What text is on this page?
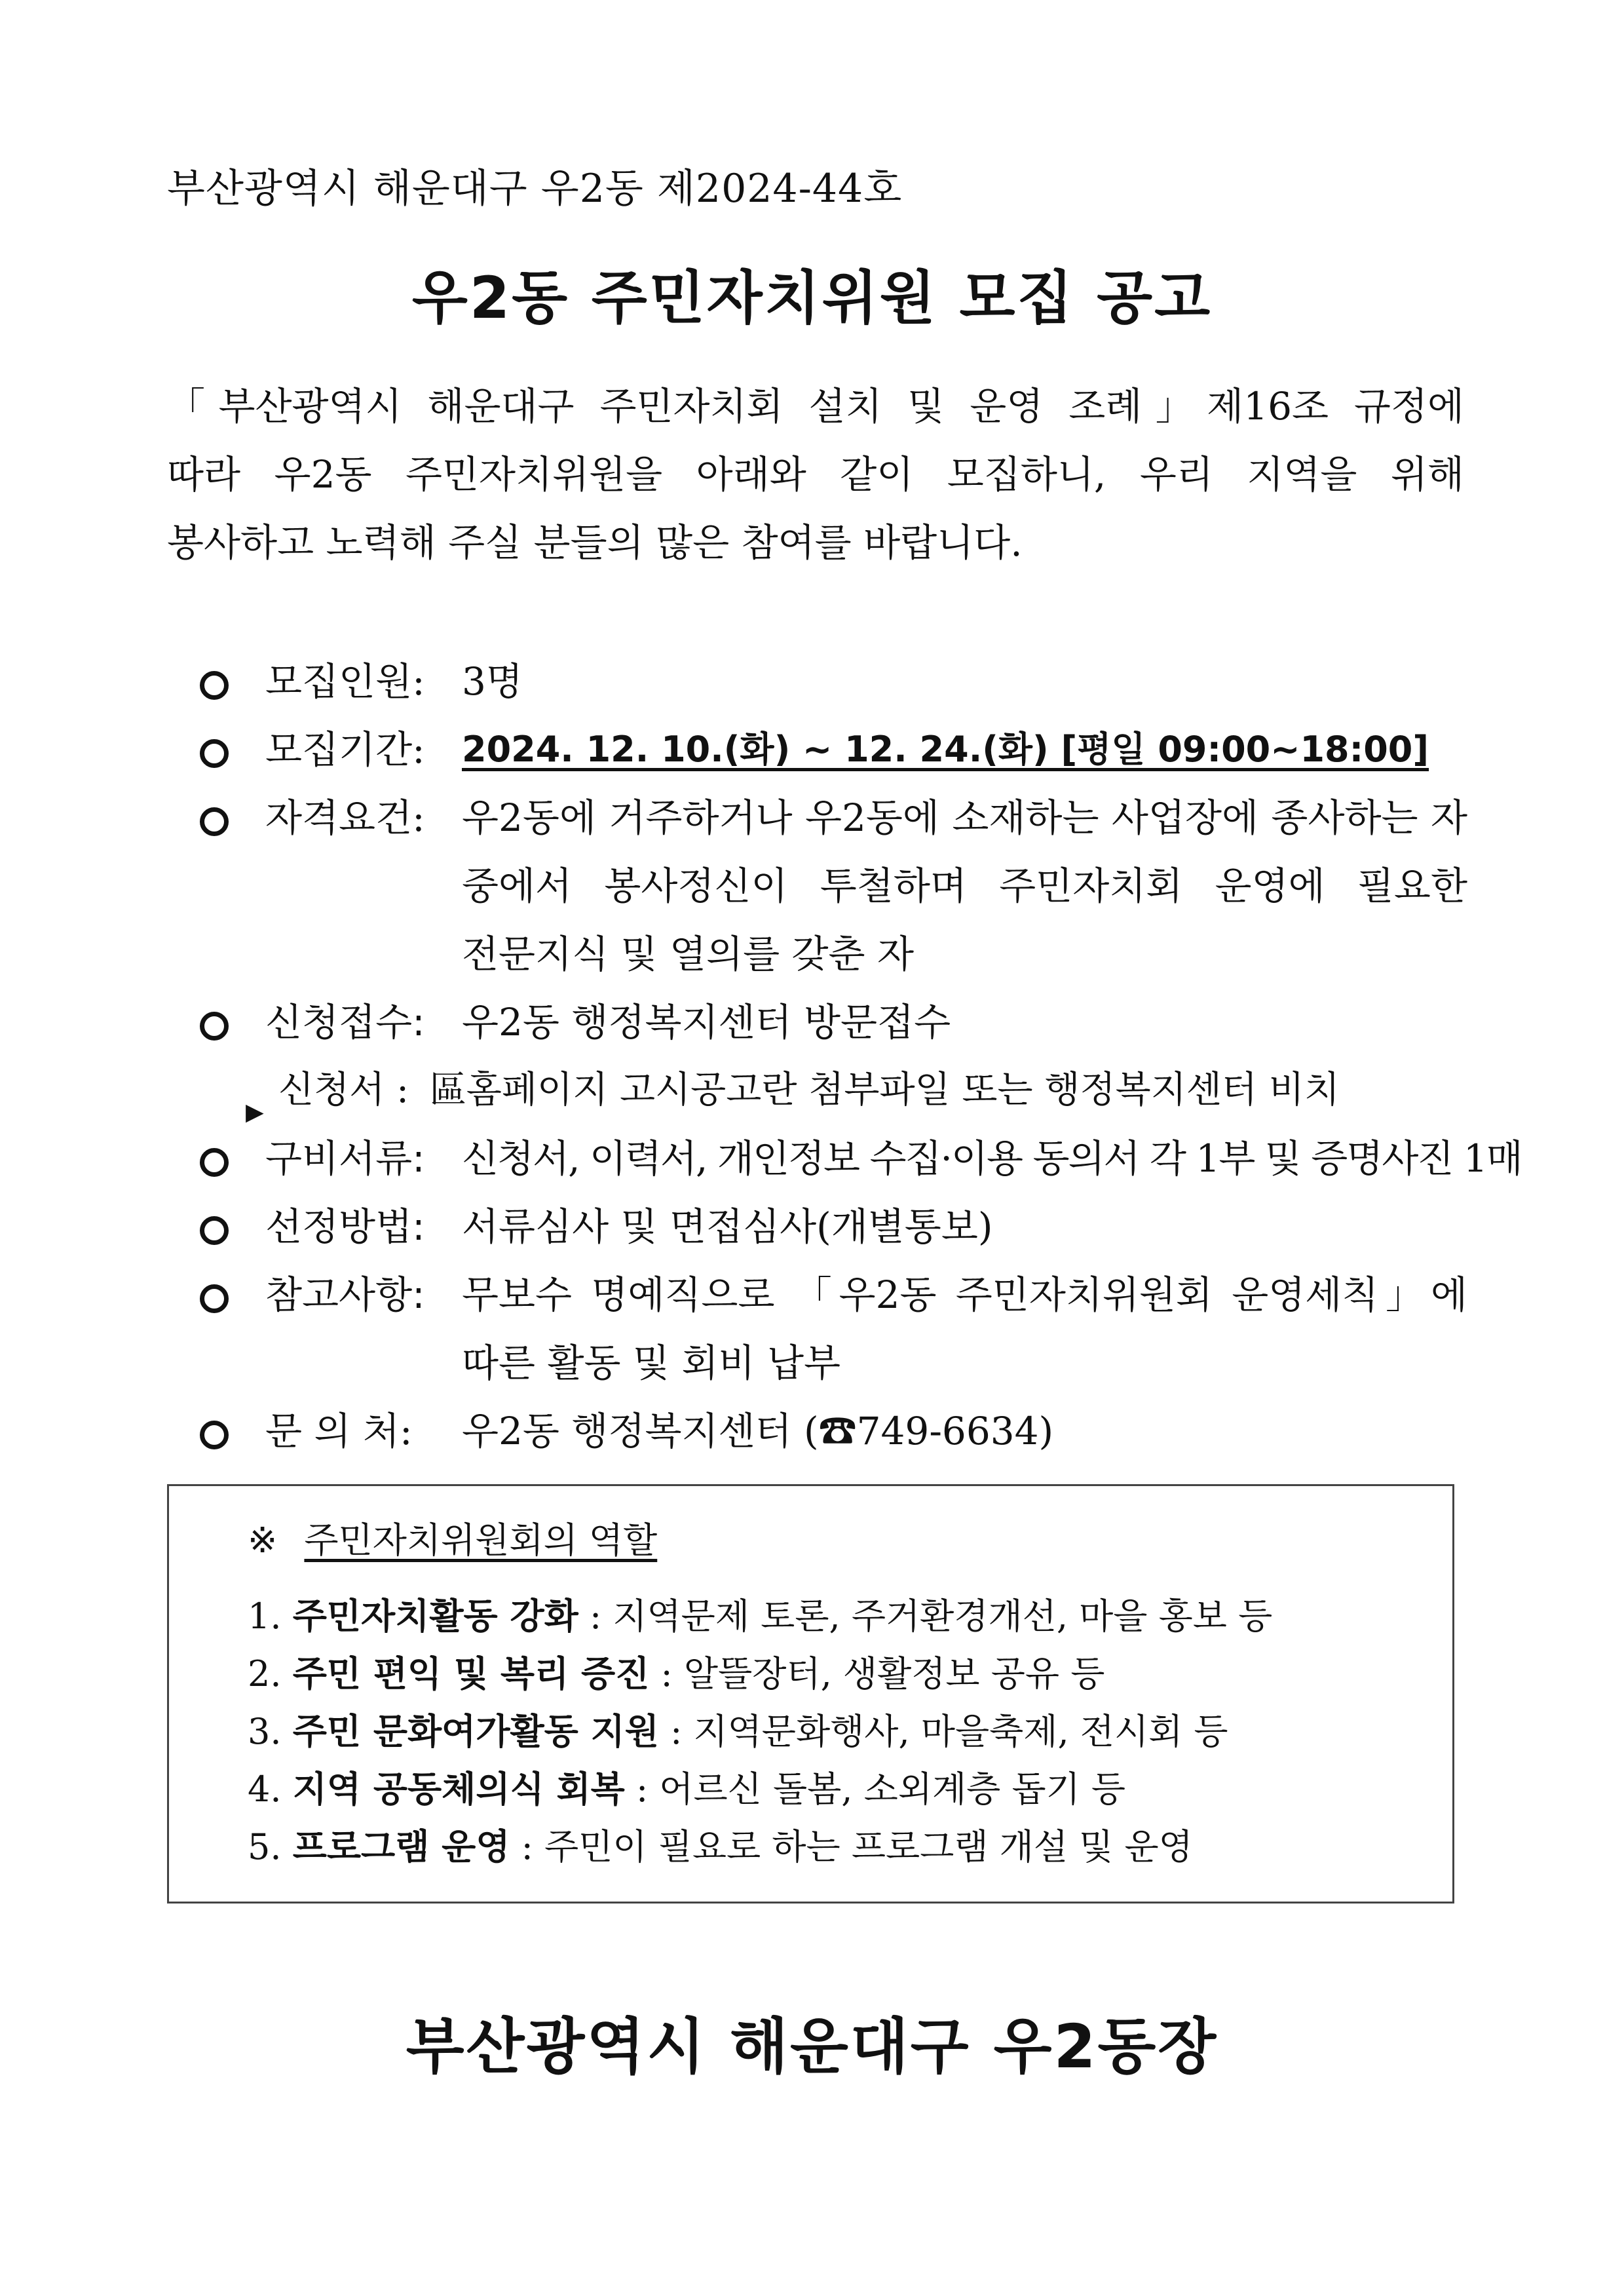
부산광역시 해운대구 우2동 제2024-44호
우2동 주민자치위원 모집 공고
「부산광역시 해운대구 주민자치회 설치 및 운영 조례」제16조 규정에
따라 우2동 주민자치위원을 아래와 같이 모집하니, 우리 지역을 위해
봉사하고 노력해 주실 분들의 많은 참여를 바랍니다.
모집인원: 3명
모집기간: 2024. 12. 10.(화) ~ 12. 24.(화) [평일 09:00~18:00]
자격요건: 우2동에 거주하거나 우2동에 소재하는 사업장에 종사하는 자
중에서 봉사정신이 투철하며 주민자치회 운영에 필요한
전문지식 및 열의를 갖춘 자
신청접수: 우2동 행정복지센터 방문접수
▶
신청서 : 區홈페이지 고시공고란 첨부파일 또는 행정복지센터 비치
구비서류: 신청서, 이력서, 개인정보 수집·이용 동의서 각 1부 및 증명사진 1매
선정방법: 서류심사 및 면접심사(개별통보)
참고사항: 무보수 명예직으로 「우2동 주민자치위원회 운영세칙」에
따른 활동 및 회비 납부
문 의 처: 우2동 행정복지센터 (☎749-6634)
※ 주민자치위원회의 역할
1. 주민자치활동 강화 : 지역문제 토론, 주거환경개선, 마을 홍보 등
2. 주민 편익 및 복리 증진 : 알뜰장터, 생활정보 공유 등
3. 주민 문화여가활동 지원 : 지역문화행사, 마을축제, 전시회 등
4. 지역 공동체의식 회복 : 어르신 돌봄, 소외계층 돕기 등
5. 프로그램 운영 : 주민이 필요로 하는 프로그램 개설 및 운영
부산광역시 해운대구 우2동장
